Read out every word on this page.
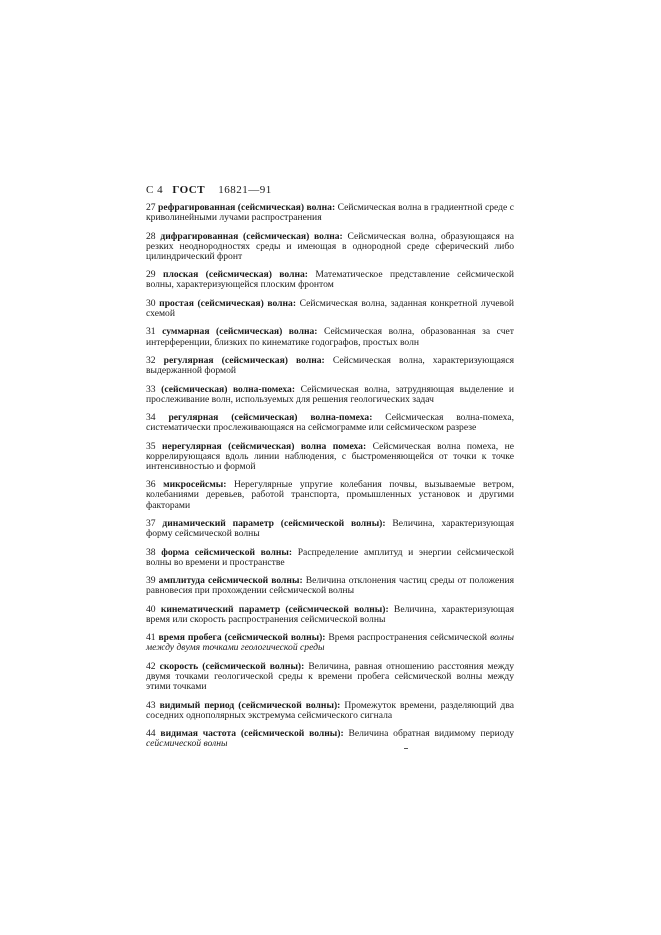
С 4 ГОСТ 16821—91
27 рефрагированная (сейсмическая) волна: Сейсмическая волна в градиентной среде с криволинейными лучами распространения
28 дифрагированная (сейсмическая) волна: Сейсмическая волна, образующаяся на резких неоднородностях среды и имеющая в однородной среде сферический либо цилиндрический фронт
29 плоская (сейсмическая) волна: Математическое представление сейсмической волны, характеризующейся плоским фронтом
30 простая (сейсмическая) волна: Сейсмическая волна, заданная конкретной лучевой схемой
31 суммарная (сейсмическая) волна: Сейсмическая волна, образованная за счет интерференции, близких по кинематике годографов, простых волн
32 регулярная (сейсмическая) волна: Сейсмическая волна, характеризующаяся выдержанной формой
33 (сейсмическая) волна-помеха: Сейсмическая волна, затрудняющая выделение и прослеживание волн, используемых для решения геологических задач
34 регулярная (сейсмическая) волна-помеха: Сейсмическая волна-помеха, систематически прослеживающаяся на сейсмограмме или сейсмическом разрезе
35 нерегулярная (сейсмическая) волна помеха: Сейсмическая волна помеха, не коррелирующаяся вдоль линии наблюдения, с быстроменяющейся от точки к точке интенсивностью и формой
36 микросейсмы: Нерегулярные упругие колебания почвы, вызываемые ветром, колебаниями деревьев, работой транспорта, промышленных установок и другими факторами
37 динамический параметр (сейсмической волны): Величина, характеризующая форму сейсмической волны
38 форма сейсмической волны: Распределение амплитуд и энергии сейсмической волны во времени и пространстве
39 амплитуда сейсмической волны: Величина отклонения частиц среды от положения равновесия при прохождении сейсмической волны
40 кинематический параметр (сейсмической волны): Величина, характеризующая время или скорость распространения сейсмической волны
41 время пробега (сейсмической волны): Время распространения сейсмической волны между двумя точками геологической среды
42 скорость (сейсмической волны): Величина, равная отношению расстояния между двумя точками геологической среды к времени пробега сейсмической волны между этими точками
43 видимый период (сейсмической волны): Промежуток времени, разделяющий два соседних однополярных экстремума сейсмического сигнала
44 видимая частота (сейсмической волны): Величина обратная видимому периоду сейсмической волны
